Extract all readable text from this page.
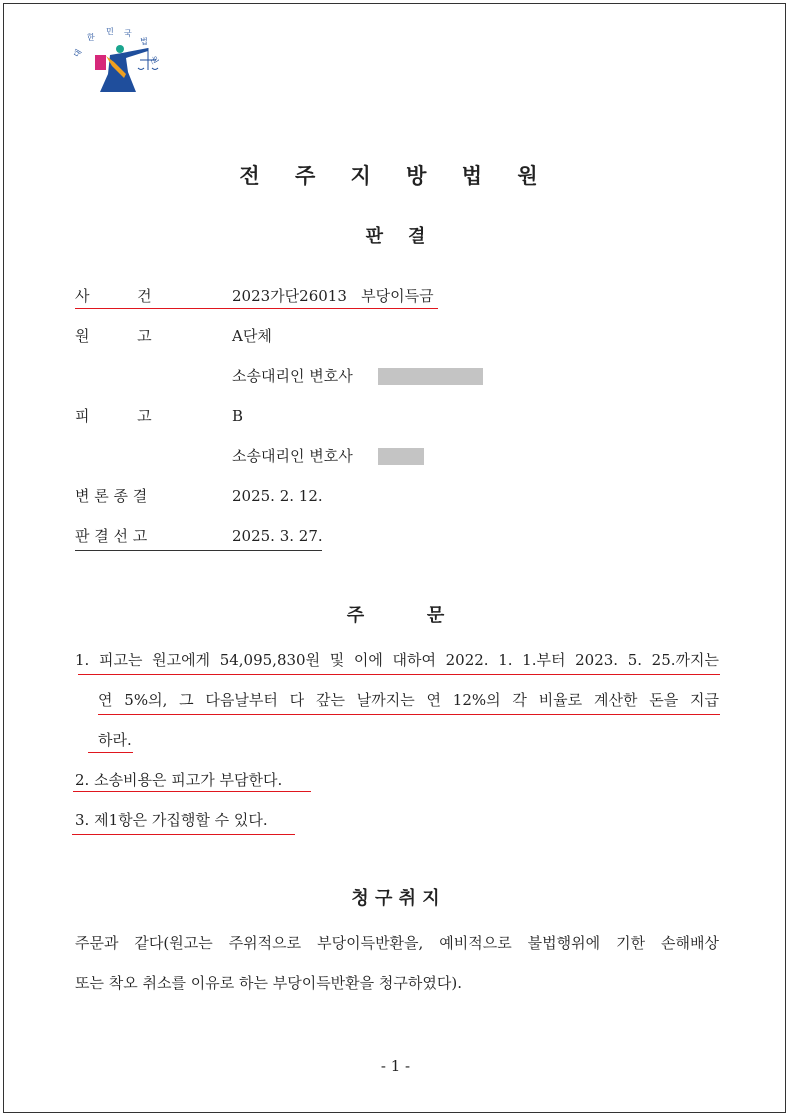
대
한
민 국
법
원
전 주 지 방 법 원
판    결
사          건	2023가단26013   부당이득금
원          고	A단체
소송대리인 변호사
피          고	B
소송대리인 변호사
변 론 종 결	2025. 2. 12.
판 결 선 고	2025. 3. 27.
주          문
1. 피고는 원고에게 54,095,830원 및 이에 대하여 2022. 1. 1.부터 2023. 5. 25.까지는
연 5%의, 그 다음날부터 다 갚는 날까지는 연 12%의 각 비율로 계산한 돈을 지급
하라.
2. 소송비용은 피고가 부담한다.
3. 제1항은 가집행할 수 있다.
청 구 취 지
주문과 같다(원고는 주위적으로 부당이득반환을, 예비적으로 불법행위에 기한 손해배상
또는 착오 취소를 이유로 하는 부당이득반환을 청구하였다).
- 1 -
